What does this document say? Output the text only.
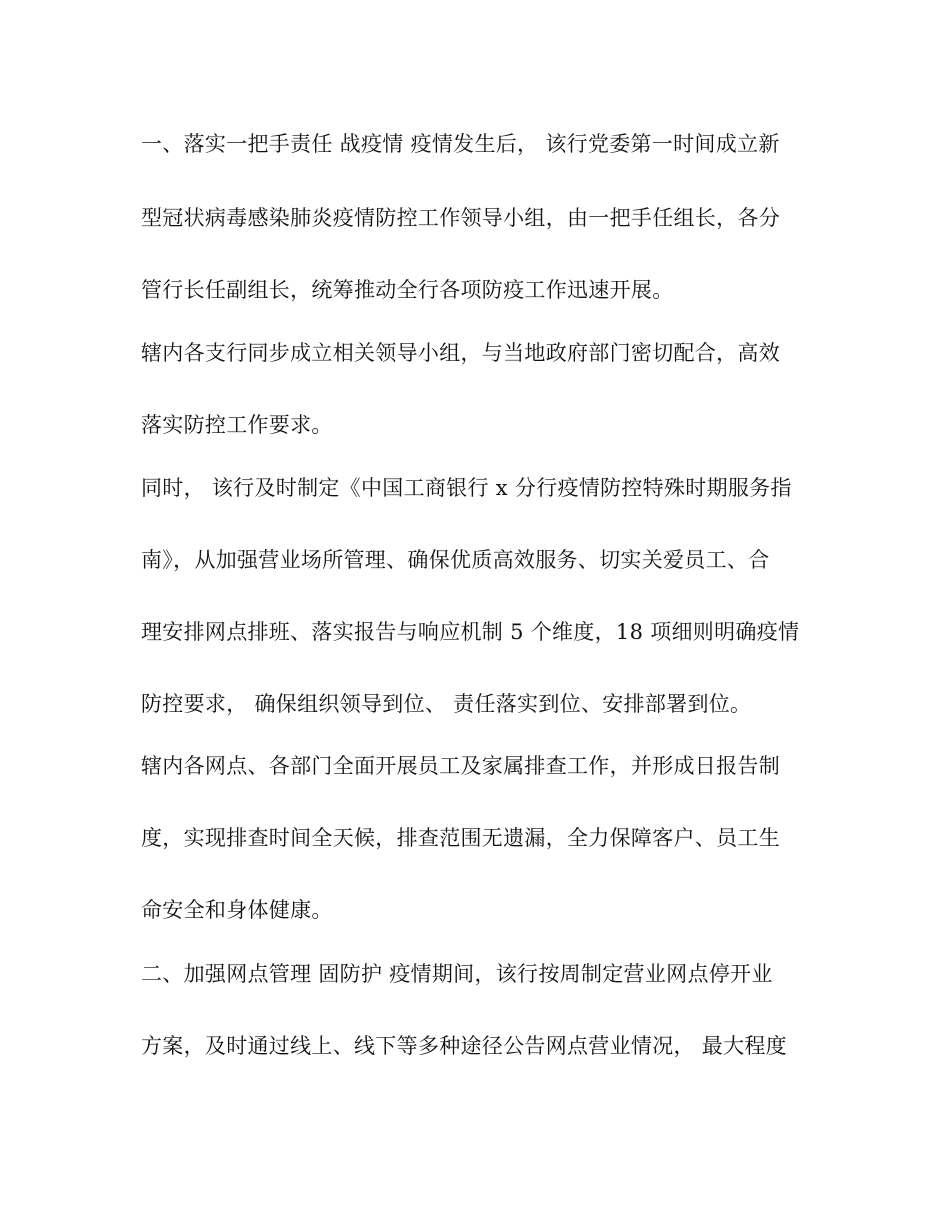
一、落实一把手责任 战疫情 疫情发生后， 该行党委第一时间成立新
型冠状病毒感染肺炎疫情防控工作领导小组，由一把手任组长，各分
管行长任副组长，统筹推动全行各项防疫工作迅速开展。
辖内各支行同步成立相关领导小组，与当地政府部门密切配合，高效
落实防控工作要求。
同时， 该行及时制定《中国工商银行 x 分行疫情防控特殊时期服务指
南》，从加强营业场所管理、确保优质高效服务、切实关爱员工、合
理安排网点排班、落实报告与响应机制 5 个维度，18 项细则明确疫情
防控要求， 确保组织领导到位、 责任落实到位、安排部署到位。
辖内各网点、各部门全面开展员工及家属排查工作，并形成日报告制
度，实现排查时间全天候，排查范围无遗漏，全力保障客户、员工生
命安全和身体健康。
二、加强网点管理 固防护 疫情期间，该行按周制定营业网点停开业
方案，及时通过线上、线下等多种途径公告网点营业情况， 最大程度
